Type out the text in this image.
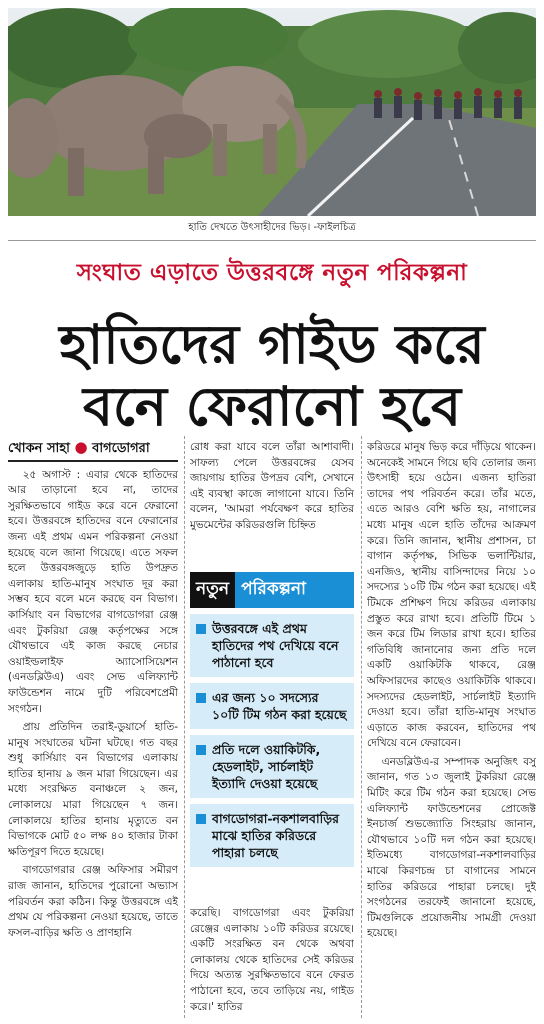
হাতি দেখতে উৎসাহীদের ভিড়। -ফাইলচিত্র
সংঘাত এড়াতে উত্তরবঙ্গে নতুন পরিকল্পনা
হাতিদের গাইড করে
বনে ফেরানো হবে
খোকন সাহা ● বাগডোগরা

২৫ অগাস্ট : এবার থেকে হাতিদের আর তাড়ানো হবে না, তাদের সুরক্ষিতভাবে গাইড করে বনে ফেরানো হবে। উত্তরবঙ্গে হাতিদের বনে ফেরানোর জন্য এই প্রথম এমন পরিকল্পনা নেওয়া হয়েছে বলে জানা গিয়েছে। এতে সফল হলে উত্তরবঙ্গজুড়ে হাতি উপদ্রুত এলাকায় হাতি-মানুষ সংঘাত দূর করা সম্ভব হবে বলে মনে করছে বন বিভাগ। কার্সিয়াং বন বিভাগের বাগডোগরা রেঞ্জ এবং টুকরিয়া রেঞ্জ কর্তৃপক্ষের সঙ্গে যৌথভাবে এই কাজ করছে নেচার ওয়াইল্ডলাইফ অ্যাসোসিয়েশন (এনডব্লিউএ) এবং সেভ এলিফ্যান্ট ফাউন্ডেশন নামে দুটি পরিবেশপ্রেমী সংগঠন।

প্রায় প্রতিদিন তরাই-ডুয়ার্সে হাতি-মানুষ সংঘাতের ঘটনা ঘটছে। গত বছর শুধু কার্সিয়াং বন বিভাগের এলাকায় হাতির হানায় ৯ জন মারা গিয়েছেন। এর মধ্যে সংরক্ষিত বনাঞ্চলে ২ জন, লোকালয়ে মারা গিয়েছেন ৭ জন। লোকালয়ে হাতির হানায় মৃত্যুতে বন বিভাগকে মোট ৫০ লক্ষ ৪০ হাজার টাকা ক্ষতিপূরণ দিতে হয়েছে।

বাগডোগরার রেঞ্জ অফিসার সমীরণ রাজ জানান, হাতিদের পুরোনো অভ্যাস পরিবর্তন করা কঠিন। কিন্তু উত্তরবঙ্গে এই প্রথম যে পরিকল্পনা নেওয়া হয়েছে, তাতে ফসল-বাড়ির ক্ষতি ও প্রাণহানি

রোধ করা যাবে বলে তাঁরা আশাবাদী। সাফল্য পেলে উত্তরবঙ্গের যেসব জায়গায় হাতির উপদ্রব বেশি, সেখানে এই ব্যবস্থা কাজে লাগানো যাবে। তিনি বলেন, 'আমরা পর্যবেক্ষণ করে হাতির মুভমেন্টের করিডরগুলি চিহ্নিত

নতুন পরিকল্পনা
উত্তরবঙ্গে এই প্রথম হাতিদের পথ দেখিয়ে বনে পাঠানো হবে
এর জন্য ১০ সদস্যের ১০টি টিম গঠন করা হয়েছে
প্রতি দলে ওয়াকিটকি, হেডলাইট, সার্চলাইট ইত্যাদি দেওয়া হয়েছে
বাগডোগরা-নকশালবাড়ির মাঝে হাতির করিডরে পাহারা চলছে

করেছি। বাগডোগরা এবং টুকরিয়া রেঞ্জের এলাকায় ১০টি করিডর রয়েছে। একটি সংরক্ষিত বন থেকে অথবা লোকালয় থেকে হাতিদের সেই করিডর দিয়ে অত্যন্ত সুরক্ষিতভাবে বনে ফেরত পাঠানো হবে, তবে তাড়িয়ে নয়, গাইড করে।' হাতির

করিডরে মানুষ ভিড় করে দাঁড়িয়ে থাকেন। অনেকেই সামনে গিয়ে ছবি তোলার জন্য উৎসাহী হয়ে ওঠেন। এজন্য হাতিরা তাদের পথ পরিবর্তন করে। তাঁর মতে, এতে আরও বেশি ক্ষতি হয়, নাগালের মধ্যে মানুষ এলে হাতি তাঁদের আক্রমণ করে। তিনি জানান, স্থানীয় প্রশাসন, চা বাগান কর্তৃপক্ষ, সিভিক ভলান্টিয়ার, এনজিও, স্থানীয় বাসিন্দাদের নিয়ে ১০ সদস্যের ১০টি টিম গঠন করা হয়েছে। এই টিমকে প্রশিক্ষণ দিয়ে করিডর এলাকায় প্রস্তুত করে রাখা হবে। প্রতিটি টিমে ১ জন করে টিম লিডার রাখা হবে। হাতির গতিবিধি জানানোর জন্য প্রতি দলে একটি ওয়াকিটকি থাকবে, রেঞ্জ অফিসারদের কাছেও ওয়াকিটকি থাকবে। সদস্যদের হেডলাইট, সার্চলাইট ইত্যাদি দেওয়া হবে। তাঁরা হাতি-মানুষ সংঘাত এড়াতে কাজ করবেন, হাতিদের পথ দেখিয়ে বনে ফেরাবেন।

এনডব্লিউএ-র সম্পাদক অনুজিৎ বসু জানান, গত ১৩ জুলাই টুকরিয়া রেঞ্জে মিটিং করে টিম গঠন করা হয়েছে। সেভ এলিফ্যান্ট ফাউন্ডেশনের প্রোজেক্ট ইনচার্জ শুভজ্যোতি সিংহরায় জানান, যৌথভাবে ১০টি দল গঠন করা হয়েছে। ইতিমধ্যে বাগডোগরা-নকশালবাড়ির মাঝে কিরণচন্দ্র চা বাগানের সামনে হাতির করিডরে পাহারা চলছে। দুই সংগঠনের তরফেই জানানো হয়েছে, টিমগুলিকে প্রয়োজনীয় সামগ্রী দেওয়া হয়েছে।
